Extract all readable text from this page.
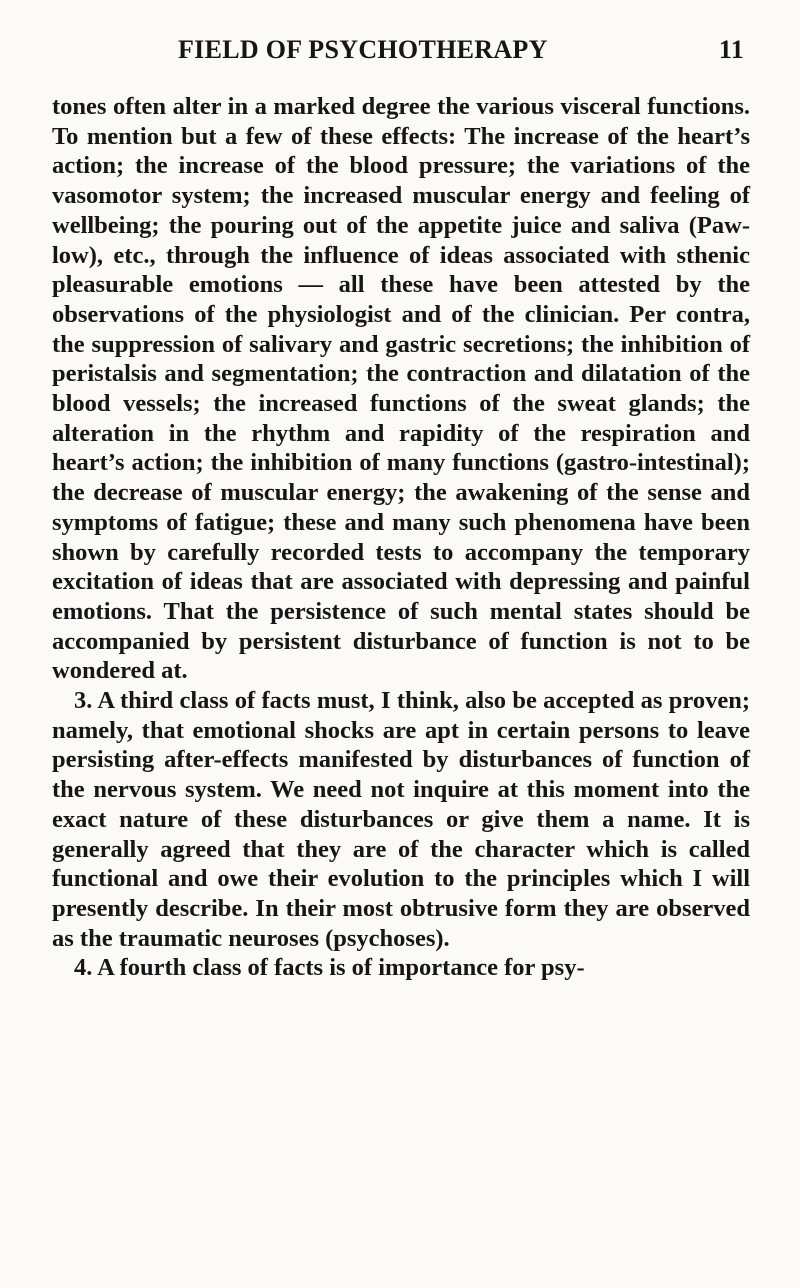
FIELD OF PSYCHOTHERAPY	11

tones often alter in a marked degree the various visceral functions. To mention but a few of these effects: The increase of the heart’s action; the increase of the blood pressure; the variations of the vasomotor system; the increased muscular energy and feeling of wellbeing; the pouring out of the appetite juice and saliva (Pawlow), etc., through the influence of ideas associated with sthenic pleasurable emotions — all these have been attested by the observations of the physiologist and of the clinician. Per contra, the suppression of salivary and gastric secretions; the inhibition of peristalsis and segmentation; the contraction and dilatation of the blood vessels; the increased functions of the sweat glands; the alteration in the rhythm and rapidity of the respiration and heart’s action; the inhibition of many functions (gastro-intestinal); the decrease of muscular energy; the awakening of the sense and symptoms of fatigue; these and many such phenomena have been shown by carefully recorded tests to accompany the temporary excitation of ideas that are associated with depressing and painful emotions. That the persistence of such mental states should be accompanied by persistent disturbance of function is not to be wondered at.

3. A third class of facts must, I think, also be accepted as proven; namely, that emotional shocks are apt in certain persons to leave persisting after-effects manifested by disturbances of function of the nervous system. We need not inquire at this moment into the exact nature of these disturbances or give them a name. It is generally agreed that they are of the character which is called functional and owe their evolution to the principles which I will presently describe. In their most obtrusive form they are observed as the traumatic neuroses (psychoses).

4. A fourth class of facts is of importance for psy-
